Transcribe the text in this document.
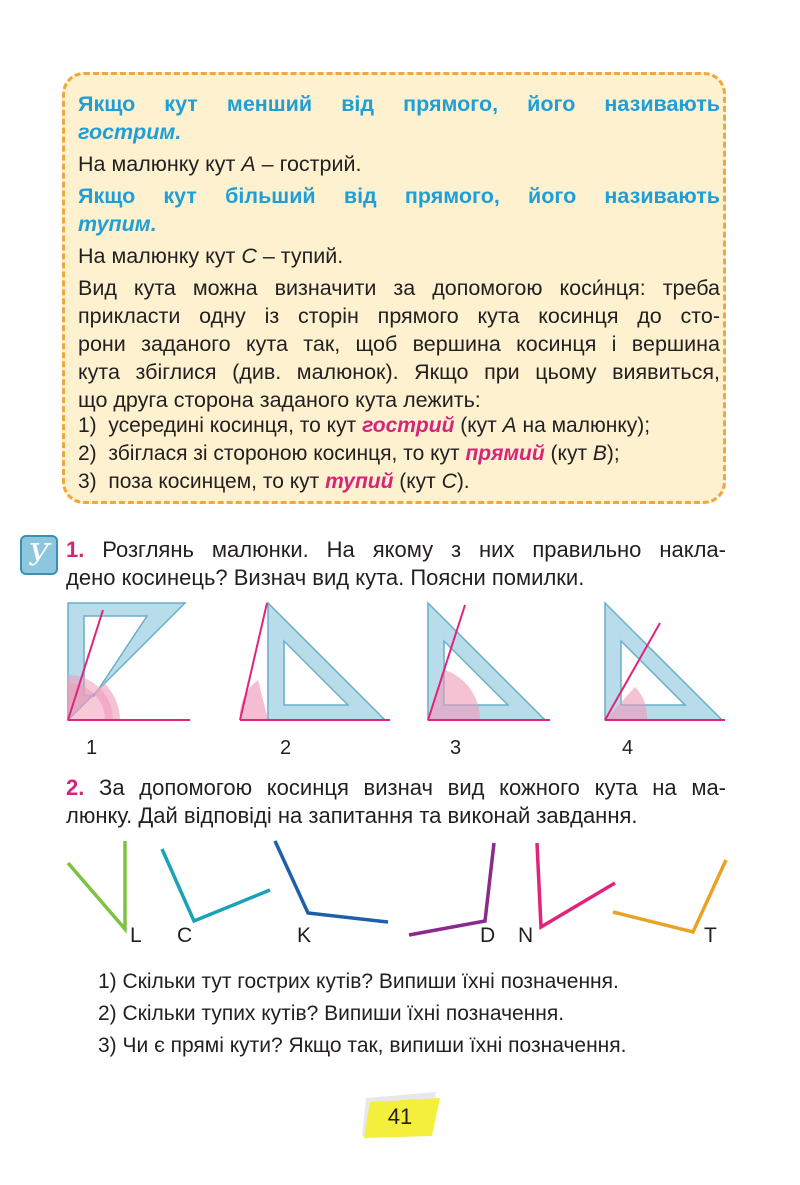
Якщо кут менший від прямого, його називають
гострим.
На малюнку кут A – гострий.
Якщо кут більший від прямого, його називають
тупим.
На малюнку кут C – тупий.
Вид кута можна визначити за допомогою коси́нця: треба
прикласти одну із сторін прямого кута косинця до сто-
рони заданого кута так, щоб вершина косинця і вершина
кута збіглися (див. малюнок). Якщо при цьому виявиться,
що друга сторона заданого кута лежить:
1) усередині косинця, то кут гострий (кут A на малюнку);
2) збіглася зі стороною косинця, то кут прямий (кут B);
3) поза косинцем, то кут тупий (кут C).
У 1. Розглянь малюнки. На якому з них правильно накла-
дено косинець? Визнач вид кута. Поясни помилки.
1	2	3	4
2. За допомогою косинця визнач вид кожного кута на ма-
люнку. Дай відповіді на запитання та виконай завдання.
L C	K	D N	T
1) Скільки тут гострих кутів? Випиши їхні позначення.
2) Скільки тупих кутів? Випиши їхні позначення.
3) Чи є прямі кути? Якщо так, випиши їхні позначення.
41
